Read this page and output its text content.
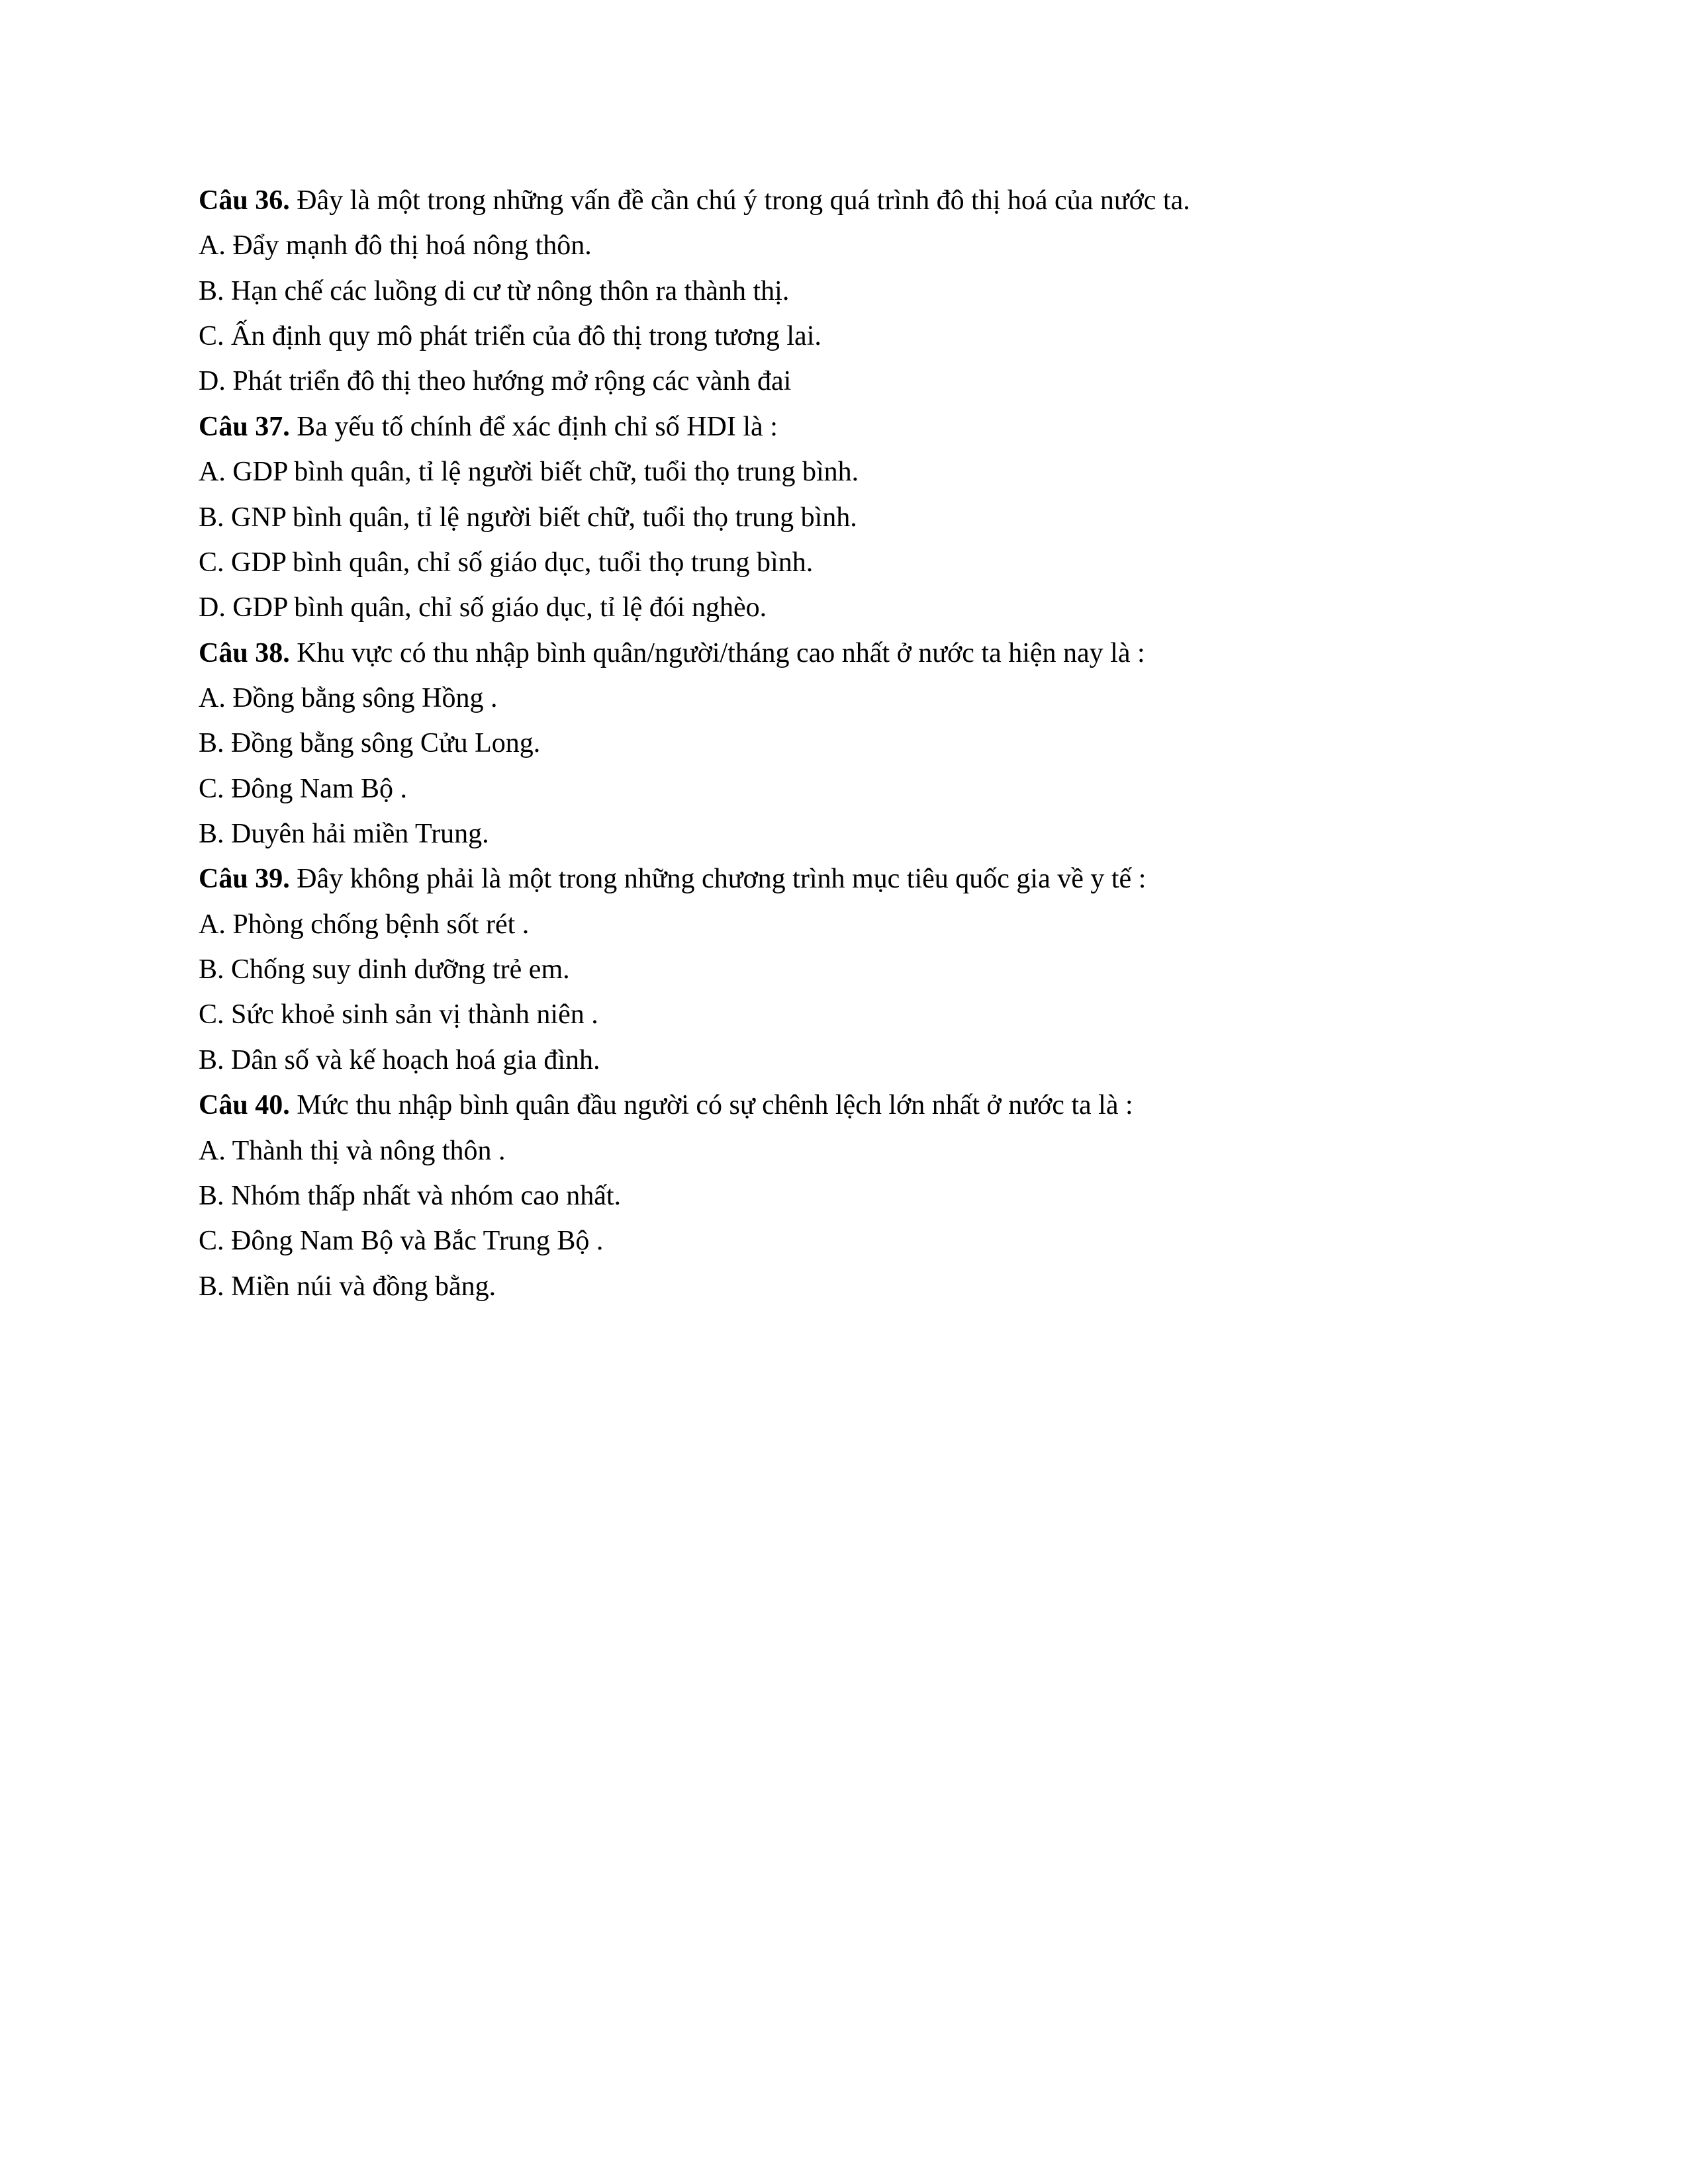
Câu 36. Đây là một trong những vấn đề cần chú ý trong quá trình đô thị hoá của nước ta.

A. Đẩy mạnh đô thị hoá nông thôn.

B. Hạn chế các luồng di cư từ nông thôn ra thành thị.

C. Ấn định quy mô phát triển của đô thị trong tương lai.

D. Phát triển đô thị theo hướng mở rộng các vành đai

Câu 37. Ba yếu tố chính để xác định chỉ số HDI là :

A. GDP bình quân, tỉ lệ người biết chữ, tuổi thọ trung bình.

B. GNP bình quân, tỉ lệ người biết chữ, tuổi thọ trung bình.

C. GDP bình quân, chỉ số giáo dục, tuổi thọ trung bình.

D. GDP bình quân, chỉ số giáo dục, tỉ lệ đói nghèo.

Câu 38. Khu vực có thu nhập bình quân/người/tháng cao nhất ở nước ta hiện nay là :

A. Đồng bằng sông Hồng .

B. Đồng bằng sông Cửu Long.

C. Đông Nam Bộ .

B. Duyên hải miền Trung.

Câu 39. Đây không phải là một trong những chương trình mục tiêu quốc gia về y tế :

A. Phòng chống bệnh sốt rét .

B. Chống suy dinh dưỡng trẻ em.

C. Sức khoẻ sinh sản vị thành niên .

B. Dân số và kế hoạch hoá gia đình.

Câu 40. Mức thu nhập bình quân đầu người có sự chênh lệch lớn nhất ở nước ta là :

A. Thành thị và nông thôn .

B. Nhóm thấp nhất và nhóm cao nhất.

C. Đông Nam Bộ và Bắc Trung Bộ .

B. Miền núi và đồng bằng.
